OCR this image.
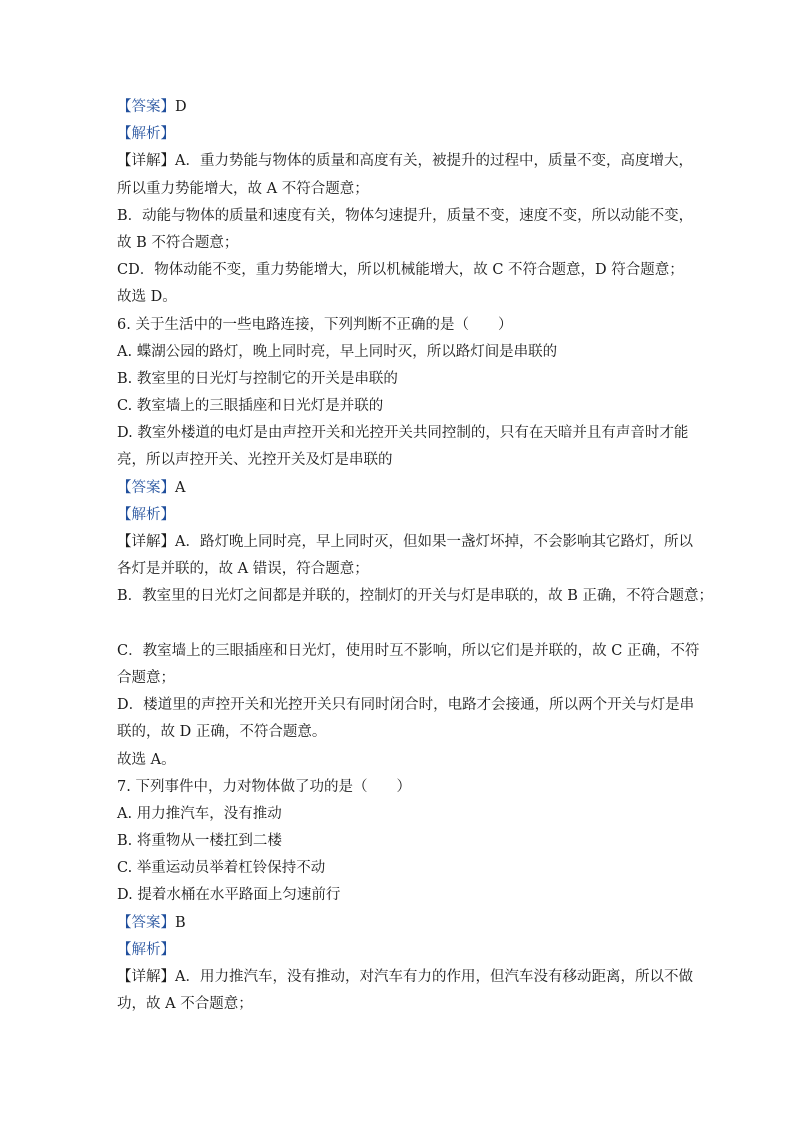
【答案】D
【解析】
【详解】A．重力势能与物体的质量和高度有关，被提升的过程中，质量不变，高度增大，
所以重力势能增大，故 A 不符合题意；
B．动能与物体的质量和速度有关，物体匀速提升，质量不变，速度不变，所以动能不变，
故 B 不符合题意；
CD．物体动能不变，重力势能增大，所以机械能增大，故 C 不符合题意，D 符合题意；
故选 D。
6. 关于生活中的一些电路连接，下列判断不正确的是（　　）
A. 蝶湖公园的路灯，晚上同时亮，早上同时灭，所以路灯间是串联的
B. 教室里的日光灯与控制它的开关是串联的
C. 教室墙上的三眼插座和日光灯是并联的
D. 教室外楼道的电灯是由声控开关和光控开关共同控制的，只有在天暗并且有声音时才能
亮，所以声控开关、光控开关及灯是串联的
【答案】A
【解析】
【详解】A．路灯晚上同时亮，早上同时灭，但如果一盏灯坏掉，不会影响其它路灯，所以
各灯是并联的，故 A 错误，符合题意；
B．教室里的日光灯之间都是并联的，控制灯的开关与灯是串联的，故 B 正确，不符合题意；
C．教室墙上的三眼插座和日光灯，使用时互不影响，所以它们是并联的，故 C 正确，不符
合题意；
D．楼道里的声控开关和光控开关只有同时闭合时，电路才会接通，所以两个开关与灯是串
联的，故 D 正确，不符合题意。
故选 A。
7. 下列事件中，力对物体做了功的是（　　）
A. 用力推汽车，没有推动
B. 将重物从一楼扛到二楼
C. 举重运动员举着杠铃保持不动
D. 提着水桶在水平路面上匀速前行
【答案】B
【解析】
【详解】A．用力推汽车，没有推动，对汽车有力的作用，但汽车没有移动距离，所以不做
功，故 A 不合题意；
